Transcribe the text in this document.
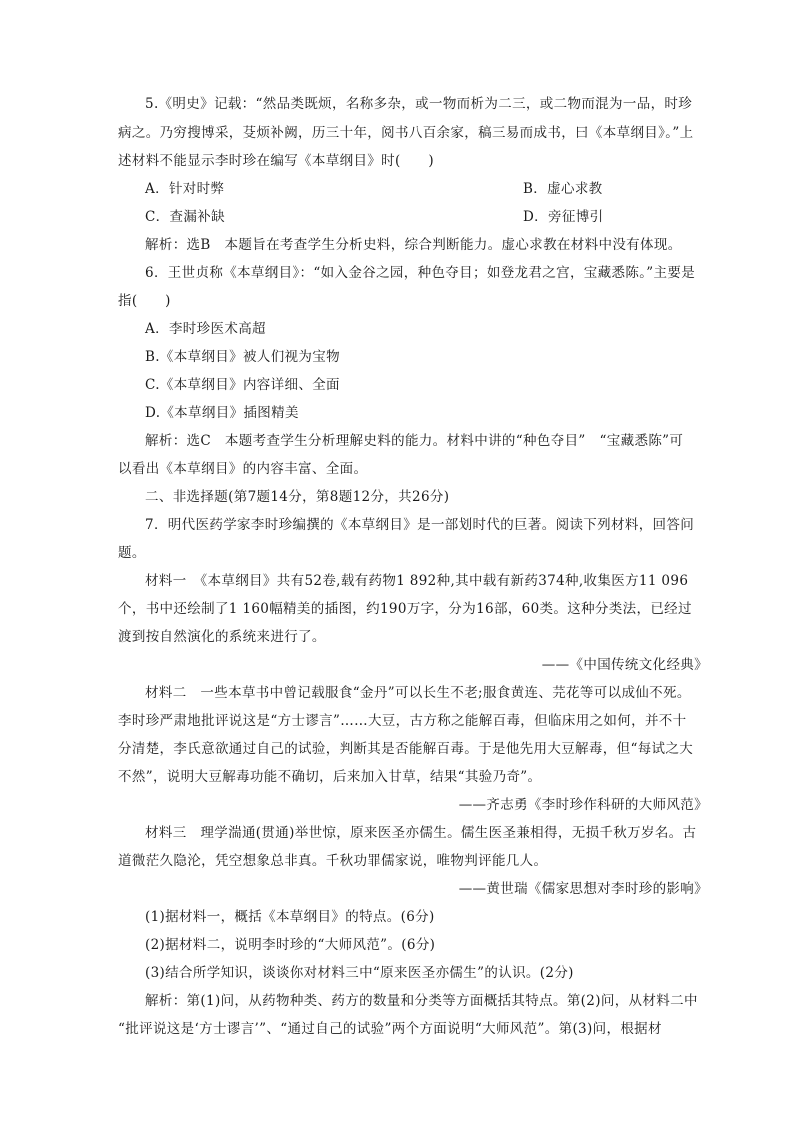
5.《明史》记载：“然品类既烦，名称多杂，或一物而析为二三，或二物而混为一品，时珍
病之。乃穷搜博采，芟烦补阙，历三十年，阅书八百余家，稿三易而成书，曰《本草纲目》。”上
述材料不能显示李时珍在编写《本草纲目》时(　　)
A．针对时弊	B．虚心求教
C．查漏补缺	D．旁征博引
解析：选B　本题旨在考查学生分析史料，综合判断能力。虚心求教在材料中没有体现。
6．王世贞称《本草纲目》：“如入金谷之园，种色夺目；如登龙君之宫，宝藏悉陈。”主要是
指(　　)
A．李时珍医术高超
B.《本草纲目》被人们视为宝物
C.《本草纲目》内容详细、全面
D.《本草纲目》插图精美
解析：选C　本题考查学生分析理解史料的能力。材料中讲的“种色夺目”　“宝藏悉陈”可
以看出《本草纲目》的内容丰富、全面。
二、非选择题(第7题14分，第8题12分，共26分)
7．明代医药学家李时珍编撰的《本草纲目》是一部划时代的巨著。阅读下列材料，回答问
题。
材料一　《本草纲目》共有52卷,载有药物1 892种,其中载有新药374种,收集医方11 096
个，书中还绘制了1 160幅精美的插图，约190万字，分为16部，60类。这种分类法，已经过
渡到按自然演化的系统来进行了。
——《中国传统文化经典》
材料二　一些本草书中曾记载服食“金丹”可以长生不老;服食黄连、芫花等可以成仙不死。
李时珍严肃地批评说这是“方士谬言”……大豆，古方称之能解百毒，但临床用之如何，并不十
分清楚，李氏意欲通过自己的试验，判断其是否能解百毒。于是他先用大豆解毒，但“每试之大
不然”，说明大豆解毒功能不确切，后来加入甘草，结果“其验乃奇”。
——齐志勇《李时珍作科研的大师风范》
材料三　理学湍通(贯通)举世惊，原来医圣亦儒生。儒生医圣兼相得，无损千秋万岁名。古
道微茫久隐沦，凭空想象总非真。千秋功罪儒家说，唯物判评能几人。
——黄世瑞《儒家思想对李时珍的影响》
(1)据材料一，概括《本草纲目》的特点。(6分)
(2)据材料二，说明李时珍的“大师风范”。(6分)
(3)结合所学知识，谈谈你对材料三中“原来医圣亦儒生”的认识。(2分)
解析：第(1)问，从药物种类、药方的数量和分类等方面概括其特点。第(2)问，从材料二中
“批评说这是‘方士谬言’”、“通过自己的试验”两个方面说明“大师风范”。第(3)问，根据材
